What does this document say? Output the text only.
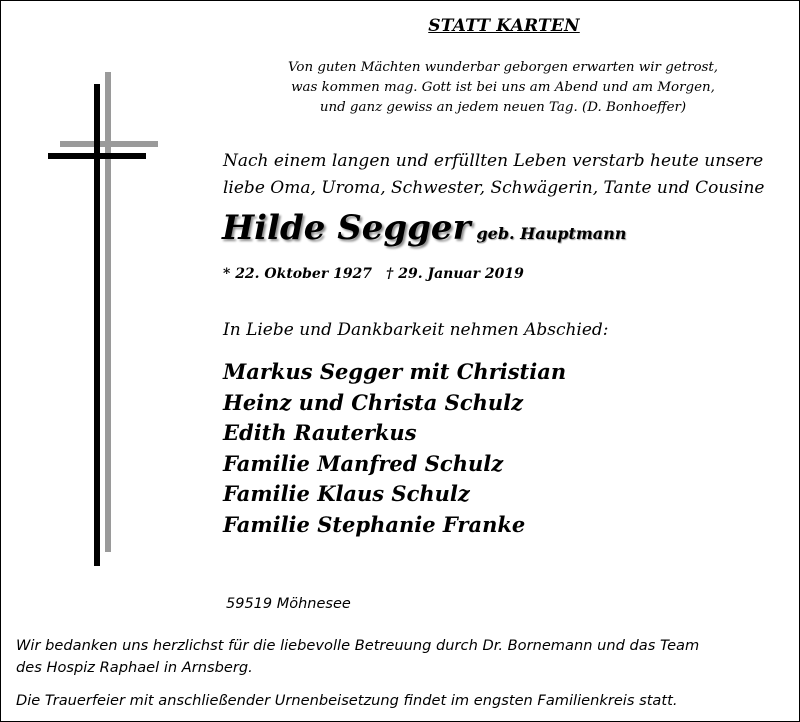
STATT KARTEN
Von guten Mächten wunderbar geborgen erwarten wir getrost,
was kommen mag. Gott ist bei uns am Abend und am Morgen,
und ganz gewiss an jedem neuen Tag. (D. Bonhoeffer)
Nach einem langen und erfüllten Leben verstarb heute unsere
liebe Oma, Uroma, Schwester, Schwägerin, Tante und Cousine
Hilde Segger geb. Hauptmann
* 22. Oktober 1927 † 29. Januar 2019
In Liebe und Dankbarkeit nehmen Abschied:
Markus Segger mit Christian
Heinz und Christa Schulz
Edith Rauterkus
Familie Manfred Schulz
Familie Klaus Schulz
Familie Stephanie Franke
59519 Möhnesee
Wir bedanken uns herzlichst für die liebevolle Betreuung durch Dr. Bornemann und das Team
des Hospiz Raphael in Arnsberg.
Die Trauerfeier mit anschließender Urnenbeisetzung findet im engsten Familienkreis statt.
